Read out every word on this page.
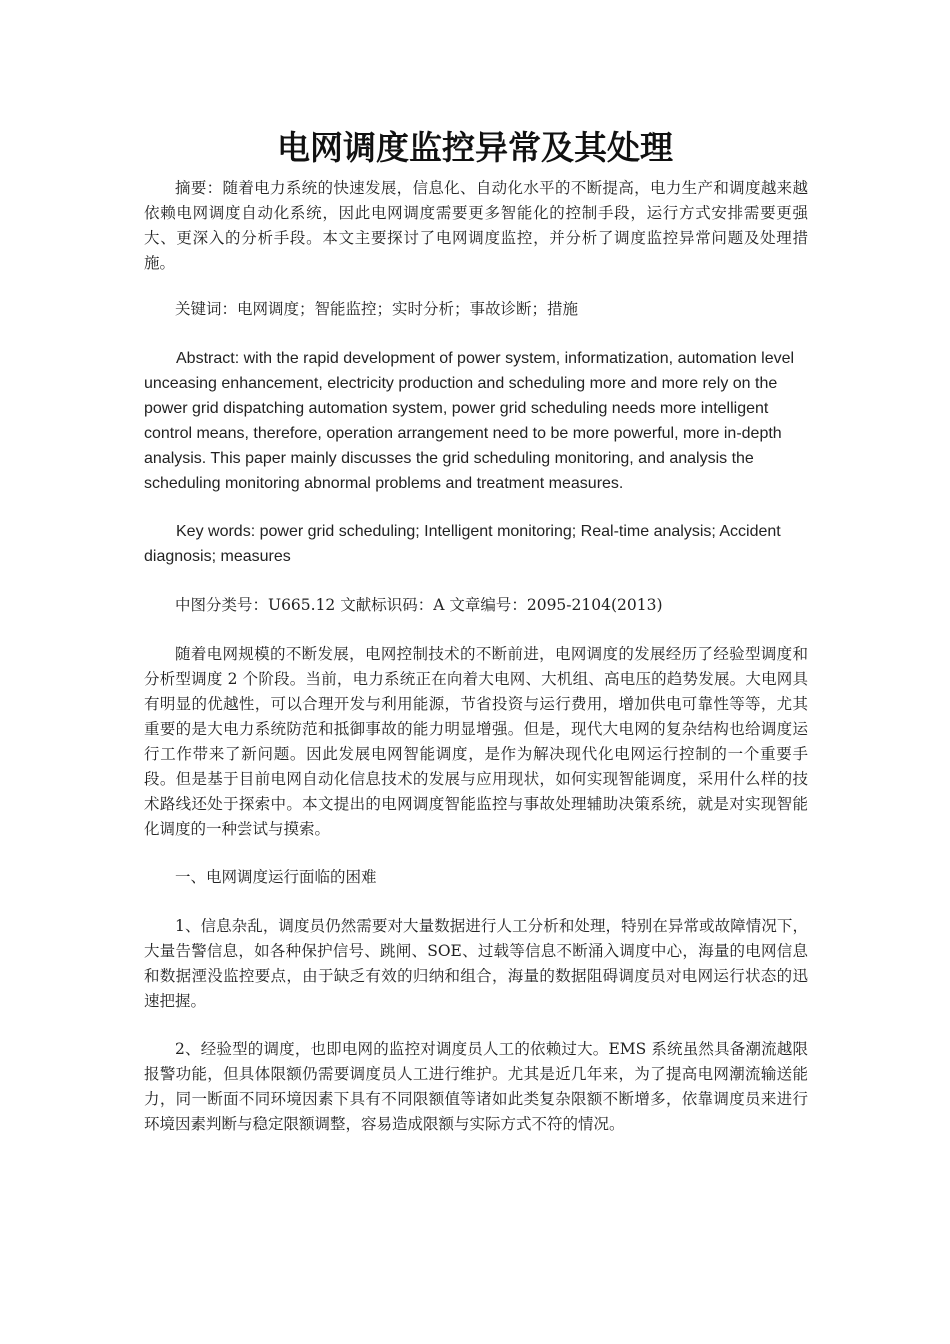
电网调度监控异常及其处理

摘要：随着电力系统的快速发展，信息化、自动化水平的不断提高，电力生产和调度越来越依赖电网调度自动化系统，因此电网调度需要更多智能化的控制手段，运行方式安排需要更强大、更深入的分析手段。本文主要探讨了电网调度监控，并分析了调度监控异常问题及处理措施。

关键词：电网调度；智能监控；实时分析；事故诊断；措施

Abstract: with the rapid development of power system, informatization, automation level unceasing enhancement, electricity production and scheduling more and more rely on the power grid dispatching automation system, power grid scheduling needs more intelligent control means, therefore, operation arrangement need to be more powerful, more in-depth analysis. This paper mainly discusses the grid scheduling monitoring, and analysis the scheduling monitoring abnormal problems and treatment measures.

Key words: power grid scheduling; Intelligent monitoring; Real-time analysis; Accident diagnosis; measures

中图分类号：U665.12 文献标识码：A 文章编号：2095-2104(2013)

随着电网规模的不断发展，电网控制技术的不断前进，电网调度的发展经历了经验型调度和分析型调度 2 个阶段。当前，电力系统正在向着大电网、大机组、高电压的趋势发展。大电网具有明显的优越性，可以合理开发与利用能源，节省投资与运行费用，增加供电可靠性等等，尤其重要的是大电力系统防范和抵御事故的能力明显增强。但是，现代大电网的复杂结构也给调度运行工作带来了新问题。因此发展电网智能调度，是作为解决现代化电网运行控制的一个重要手段。但是基于目前电网自动化信息技术的发展与应用现状，如何实现智能调度，采用什么样的技术路线还处于探索中。本文提出的电网调度智能监控与事故处理辅助决策系统，就是对实现智能化调度的一种尝试与摸索。

一、电网调度运行面临的困难

1、信息杂乱，调度员仍然需要对大量数据进行人工分析和处理，特别在异常或故障情况下，大量告警信息，如各种保护信号、跳闸、SOE、过载等信息不断涌入调度中心，海量的电网信息和数据湮没监控要点，由于缺乏有效的归纳和组合，海量的数据阻碍调度员对电网运行状态的迅速把握。

2、经验型的调度，也即电网的监控对调度员人工的依赖过大。EMS 系统虽然具备潮流越限报警功能，但具体限额仍需要调度员人工进行维护。尤其是近几年来，为了提高电网潮流输送能力，同一断面不同环境因素下具有不同限额值等诸如此类复杂限额不断增多，依靠调度员来进行环境因素判断与稳定限额调整，容易造成限额与实际方式不符的情况。
